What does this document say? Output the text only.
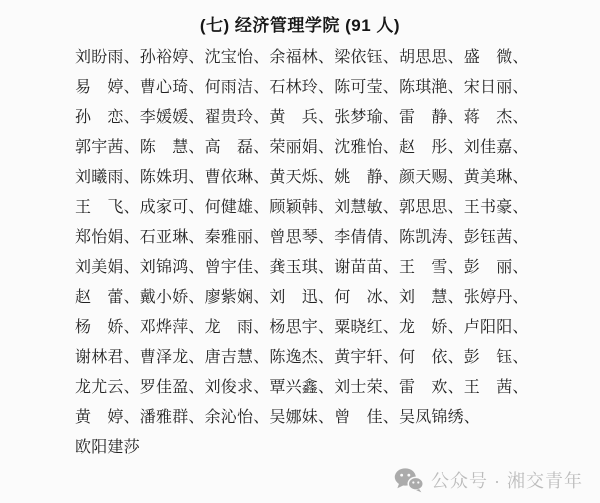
(七) 经济管理学院 (91 人)
刘盼雨、孙裕婷、沈宝怡、余福林、梁依钰、胡思思、盛　微、
易　婷、曹心琦、何雨洁、石林玲、陈可莹、陈琪滟、宋日丽、
孙　恋、李媛媛、翟贵玲、黄　兵、张梦瑜、雷　静、蒋　杰、
郭宇茜、陈　慧、高　磊、荣丽娟、沈雅怡、赵　彤、刘佳嘉、
刘曦雨、陈姝玥、曹依琳、黄天烁、姚　静、颜天赐、黄美琳、
王　飞、成家可、何健雄、顾颖韩、刘慧敏、郭思思、王书豪、
郑怡娟、石亚琳、秦雅丽、曾思琴、李倩倩、陈凯涛、彭钰茜、
刘美娟、刘锦鸿、曾宇佳、龚玉琪、谢苗苗、王　雪、彭　丽、
赵　蕾、戴小娇、廖紫娴、刘　迅、何　冰、刘　慧、张婷丹、
杨　娇、邓烨萍、龙　雨、杨思宇、粟晓红、龙　娇、卢阳阳、
谢林君、曹泽龙、唐吉慧、陈逸杰、黄宇轩、何　依、彭　钰、
龙尤云、罗佳盈、刘俊求、覃兴鑫、刘士荣、雷　欢、王　茜、
黄　婷、潘雅群、余沁怡、吴娜妹、曾　佳、吴凤锦绣、
欧阳建莎
公众号 · 湘交青年
